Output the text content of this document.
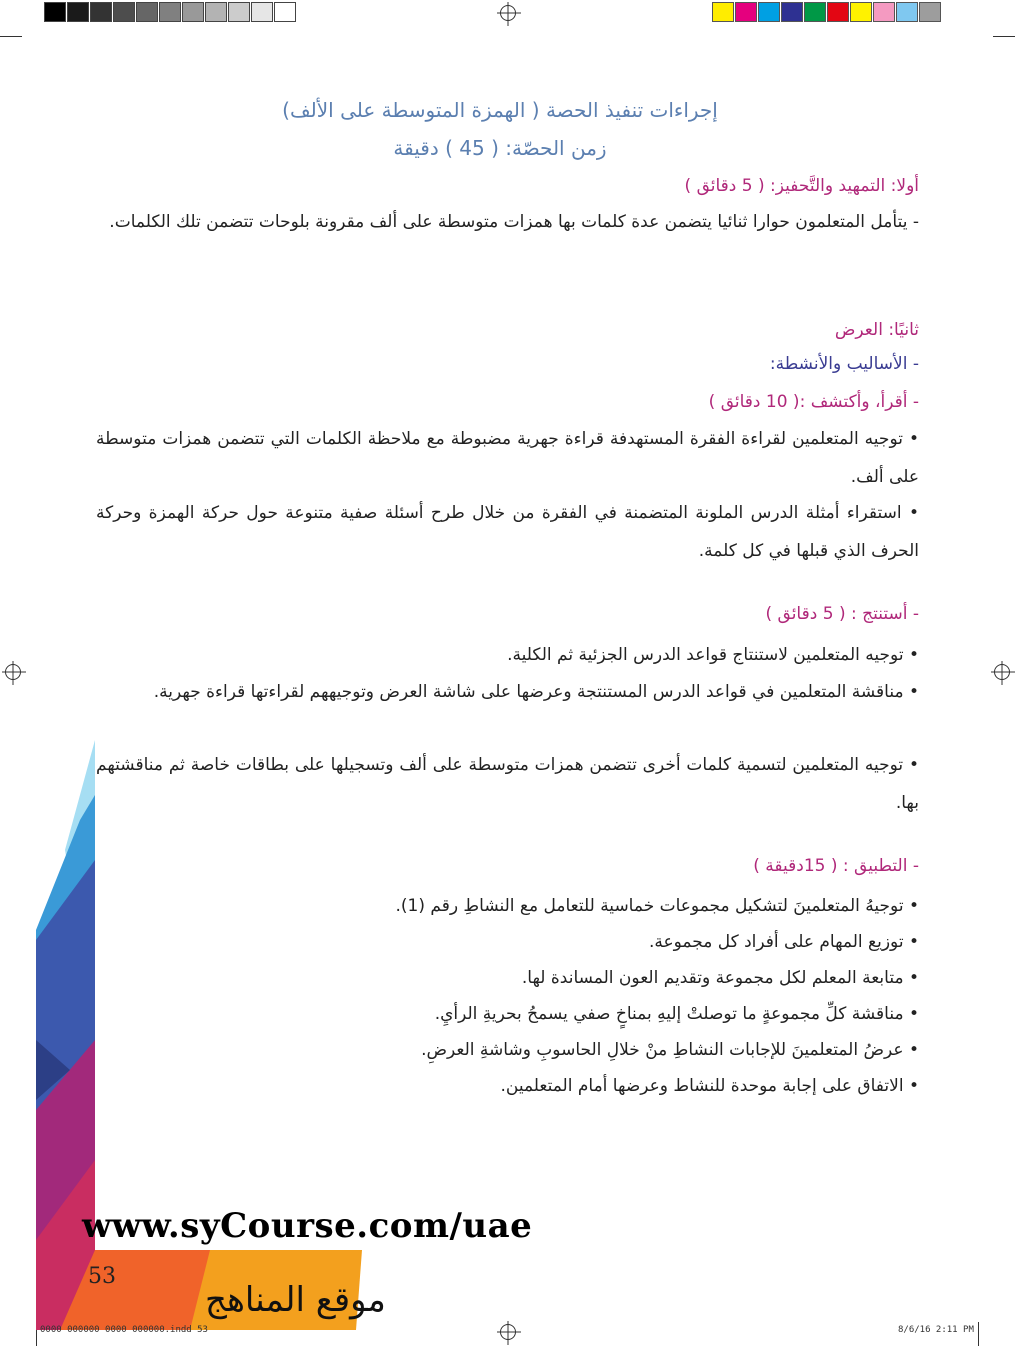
إجراءات تنفيذ الحصة ( الهمزة المتوسطة على الألف)
زمن الحصّة: ( 45 ) دقيقة
أولا: التمهيد والتَّحفيز: ( 5 دقائق )
- يتأمل المتعلمون حوارا ثنائيا يتضمن عدة كلمات بها همزات متوسطة على ألف مقرونة بلوحات تتضمن تلك الكلمات.
ثانيًا: العرض
- الأساليب والأنشطة:
- أقرأ، وأكتشف :( 10 دقائق )
• توجيه المتعلمين لقراءة الفقرة المستهدفة قراءة جهرية مضبوطة مع ملاحظة الكلمات التي تتضمن همزات متوسطة على ألف.
• استقراء أمثلة الدرس الملونة المتضمنة في الفقرة من خلال طرح أسئلة صفية متنوعة حول حركة الهمزة وحركة الحرف الذي قبلها في كل كلمة.
- أستنتج : ( 5 دقائق )
• توجيه المتعلمين لاستنتاج قواعد الدرس الجزئية ثم الكلية.
• مناقشة المتعلمين في قواعد الدرس المستنتجة وعرضها على شاشة العرض وتوجيههم لقراءتها قراءة جهرية.
• توجيه المتعلمين لتسمية كلمات أخرى تتضمن همزات متوسطة على ألف وتسجيلها على بطاقات خاصة ثم مناقشتهم بها.
- التطبيق : ( 15دقيقة )
• توجيهُ المتعلمينَ لتشكيل مجموعات خماسية للتعامل مع النشاطِ رقم (1).
• توزيع المهام على أفراد كل مجموعة.
• متابعة المعلم لكل مجموعة وتقديم العون المساندة لها.
• مناقشة كلِّ مجموعةٍ ما توصلتْ إليهِ بمناخٍ صفي يسمحُ بحريةِ الرأيِ.
• عرضُ المتعلمينَ للإجابات النشاطِ منْ خلالِ الحاسوبِ وشاشةِ العرضِ.
• الاتفاق على إجابة موحدة للنشاط وعرضها أمام المتعلمين.
www.syCourse.com/uae
53
موقع المناهج
0000 000000 0000 000000.indd 53	8/6/16 2:11 PM
